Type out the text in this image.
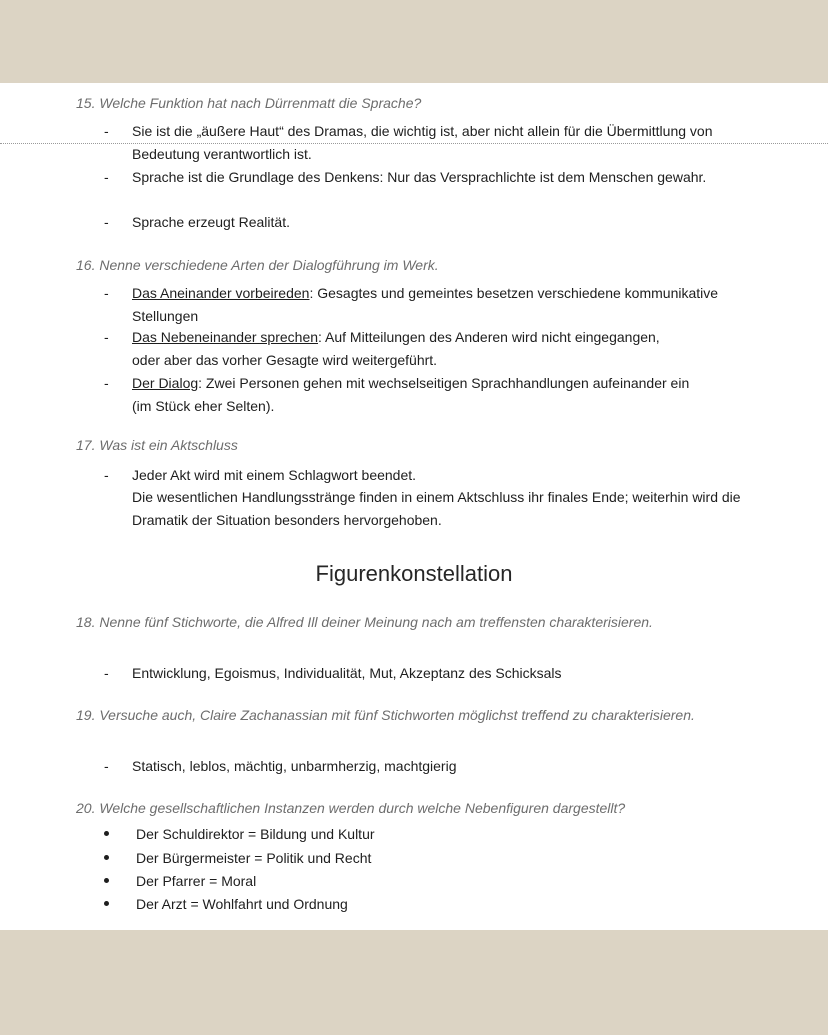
15. Welche Funktion hat nach Dürrenmatt die Sprache?
- Sie ist die „äußere Haut“ des Dramas, die wichtig ist, aber nicht allein für die Übermittlung von Bedeutung verantwortlich ist.
- Sprache ist die Grundlage des Denkens: Nur das Versprachlichte ist dem Menschen gewahr.
- Sprache erzeugt Realität.
16. Nenne verschiedene Arten der Dialogführung im Werk.
- Das Aneinander vorbeireden: Gesagtes und gemeintes besetzen verschiedene kommunikative Stellungen
- Das Nebeneinander sprechen: Auf Mitteilungen des Anderen wird nicht eingegangen, oder aber das vorher Gesagte wird weitergeführt.
- Der Dialog: Zwei Personen gehen mit wechselseitigen Sprachhandlungen aufeinander ein (im Stück eher Selten).
17. Was ist ein Aktschluss
- Jeder Akt wird mit einem Schlagwort beendet.
Die wesentlichen Handlungsstränge finden in einem Aktschluss ihr finales Ende; weiterhin wird die Dramatik der Situation besonders hervorgehoben.
Figurenkonstellation
18. Nenne fünf Stichworte, die Alfred Ill deiner Meinung nach am treffensten charakterisieren.
- Entwicklung, Egoismus, Individualität, Mut, Akzeptanz des Schicksals
19. Versuche auch, Claire Zachanassian mit fünf Stichworten möglichst treffend zu charakterisieren.
- Statisch, leblos, mächtig, unbarmherzig, machtgierig
20. Welche gesellschaftlichen Instanzen werden durch welche Nebenfiguren dargestellt?
Der Schuldirektor = Bildung und Kultur
Der Bürgermeister = Politik und Recht
Der Pfarrer = Moral
Der Arzt = Wohlfahrt und Ordnung
